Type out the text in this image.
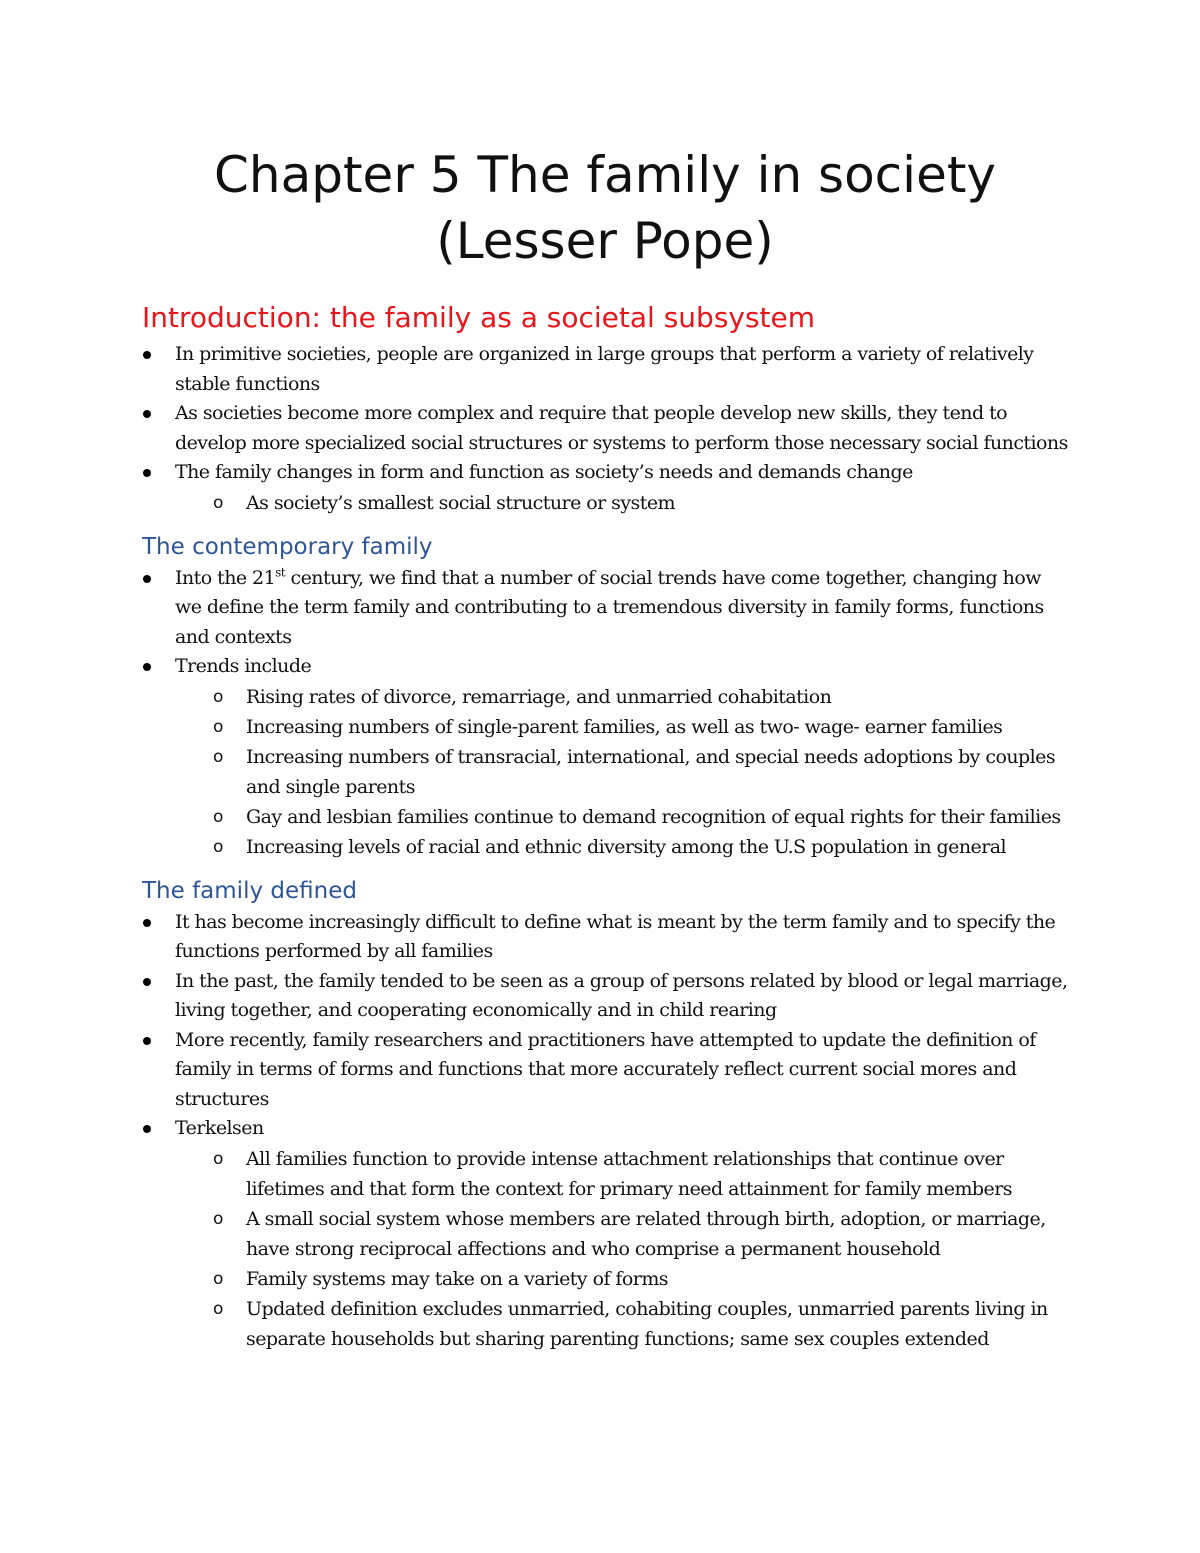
Chapter 5 The family in society
(Lesser Pope)
Introduction: the family as a societal subsystem
In primitive societies, people are organized in large groups that perform a variety of relatively stable functions
As societies become more complex and require that people develop new skills, they tend to develop more specialized social structures or systems to perform those necessary social functions
The family changes in form and function as society’s needs and demands change
o As society’s smallest social structure or system
The contemporary family
Into the 21st century, we find that a number of social trends have come together, changing how we define the term family and contributing to a tremendous diversity in family forms, functions and contexts
Trends include
o Rising rates of divorce, remarriage, and unmarried cohabitation
o Increasing numbers of single-parent families, as well as two- wage- earner families
o Increasing numbers of transracial, international, and special needs adoptions by couples and single parents
o Gay and lesbian families continue to demand recognition of equal rights for their families
o Increasing levels of racial and ethnic diversity among the U.S population in general
The family defined
It has become increasingly difficult to define what is meant by the term family and to specify the functions performed by all families
In the past, the family tended to be seen as a group of persons related by blood or legal marriage, living together, and cooperating economically and in child rearing
More recently, family researchers and practitioners have attempted to update the definition of family in terms of forms and functions that more accurately reflect current social mores and structures
Terkelsen
o All families function to provide intense attachment relationships that continue over lifetimes and that form the context for primary need attainment for family members
o A small social system whose members are related through birth, adoption, or marriage, have strong reciprocal affections and who comprise a permanent household
o Family systems may take on a variety of forms
o Updated definition excludes unmarried, cohabiting couples, unmarried parents living in separate households but sharing parenting functions; same sex couples extended
